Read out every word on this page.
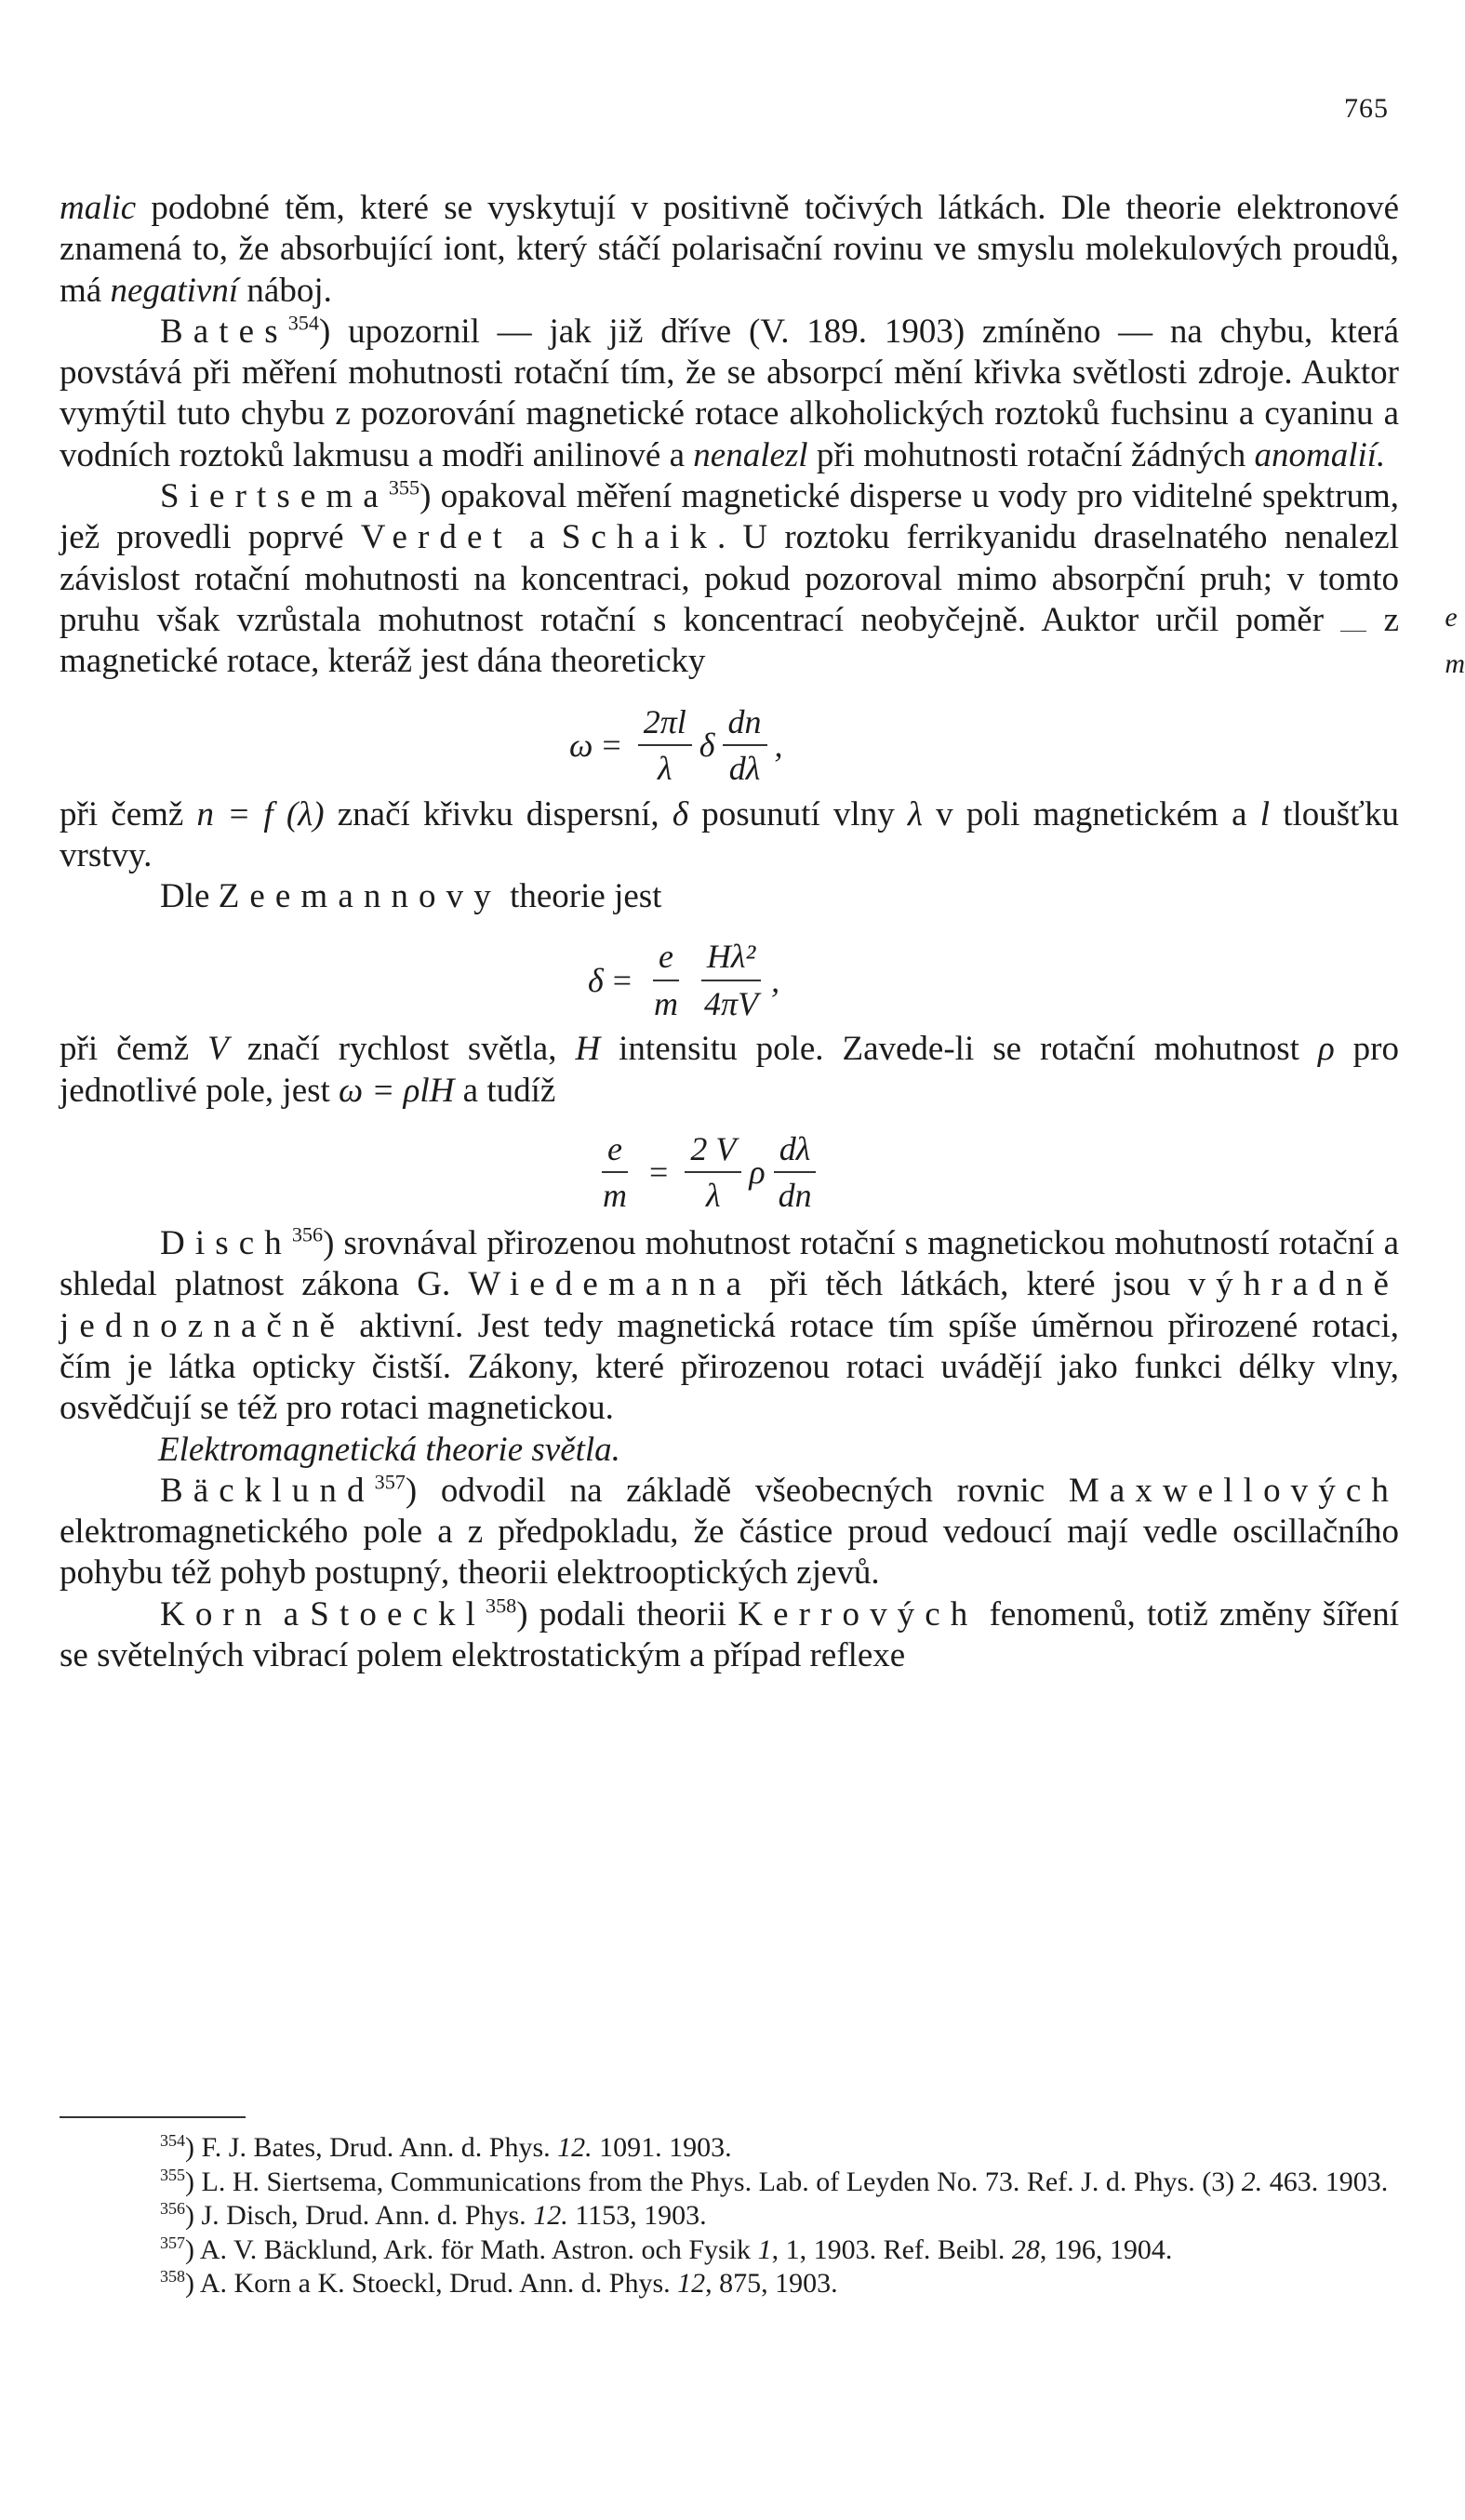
765

malic podobné těm, které se vyskytují v positivně točivých látkách. Dle theorie elektronové znamená to, že absorbující iont, který stáčí polarisační rovinu ve smyslu molekulových proudů, má negativní náboj.

Bates$^{354}$) upozornil — jak již dříve (V. 189. 1903) zmíněno — na chybu, která povstává při měření mohutnosti rotační tím, že se absorpcí mění křivka světlosti zdroje. Auktor vymýtil tuto chybu z pozorování magnetické rotace alkoholických roztoků fuchsinu a cyaninu a vodních roztoků lakmusu a modři anilinové a nenalezl při mohutnosti rotační žádných anomalií.

Siertsema$^{355}$) opakoval měření magnetické disperse u vody pro viditelné spektrum, jež provedli poprvé Verdet a Schaik. U roztoku ferrikyanidu draselnatého nenalezl závislost rotační mohutnosti na koncentraci, pokud pozoroval mimo absorpční pruh; v tomto pruhu však vzrůstala mohutnost rotační s koncentrací neobyčejně. Auktor určil poměr
$\frac{e}{m}$
z magnetické rotace, kteráž jest dána theoreticky

$\omega = \frac{2\pi l}{\lambda}$ δ $\frac{dn}{d\lambda}$ ,

při čemž n = f (λ) značí křivku dispersní, δ posunutí vlny λ v poli magnetickém a l tloušťku vrstvy.

Dle Zeemannovy theorie jest

$\delta = \frac{e}{m} \frac{\text{Hλ²}}{4\pi V}$ ,

při čemž V značí rychlost světla, H intensitu pole. Zavede-li se rotační mohutnost ρ pro jednotlivé pole, jest ω = ρlH a tudíž

$\frac{e}{m} = \frac{2 V}{\lambda}$ ρ $\frac{d\lambda}{dn}$

Disch$^{356}$) srovnával přirozenou mohutnost rotační s magnetickou mohutností rotační a shledal platnost zákona G. Wiedemanna při těch látkách, které jsou výhradně jednoznačně aktivní. Jest tedy magnetická rotace tím spíše úměrnou přirozené rotaci, čím je látka opticky čistší. Zákony, které přirozenou rotaci uvádějí jako funkci délky vlny, osvědčují se též pro rotaci magnetickou.

Elektromagnetická theorie světla.

Bäcklund$^{357}$) odvodil na základě všeobecných rovnic Maxwellových elektromagnetického pole a z předpokladu, že částice proud vedoucí mají vedle oscillačního pohybu též pohyb postupný, theorii elektrooptických zjevů.

Korn a Stoeckl$^{358}$) podali theorii Kerrových fenomenů, totiž změny šíření se světelných vibrací polem elektrostatickým a případ reflexe

$^{354}$) F. J. Bates, Drud. Ann. d. Phys. 12. 1091. 1903.

$^{355}$) L. H. Siertsema, Communications from the Phys. Lab. of Leyden No. 73. Ref. J. d. Phys. (3) 2. 463. 1903.

$^{356}$) J. Disch, Drud. Ann. d. Phys. 12. 1153, 1903.

$^{357}$) A. V. Bäcklund, Ark. för Math. Astron. och Fysik 1, 1, 1903. Ref. Beibl. 28, 196, 1904.

$^{358}$) A. Korn a K. Stoeckl, Drud. Ann. d. Phys. 12, 875, 1903.
